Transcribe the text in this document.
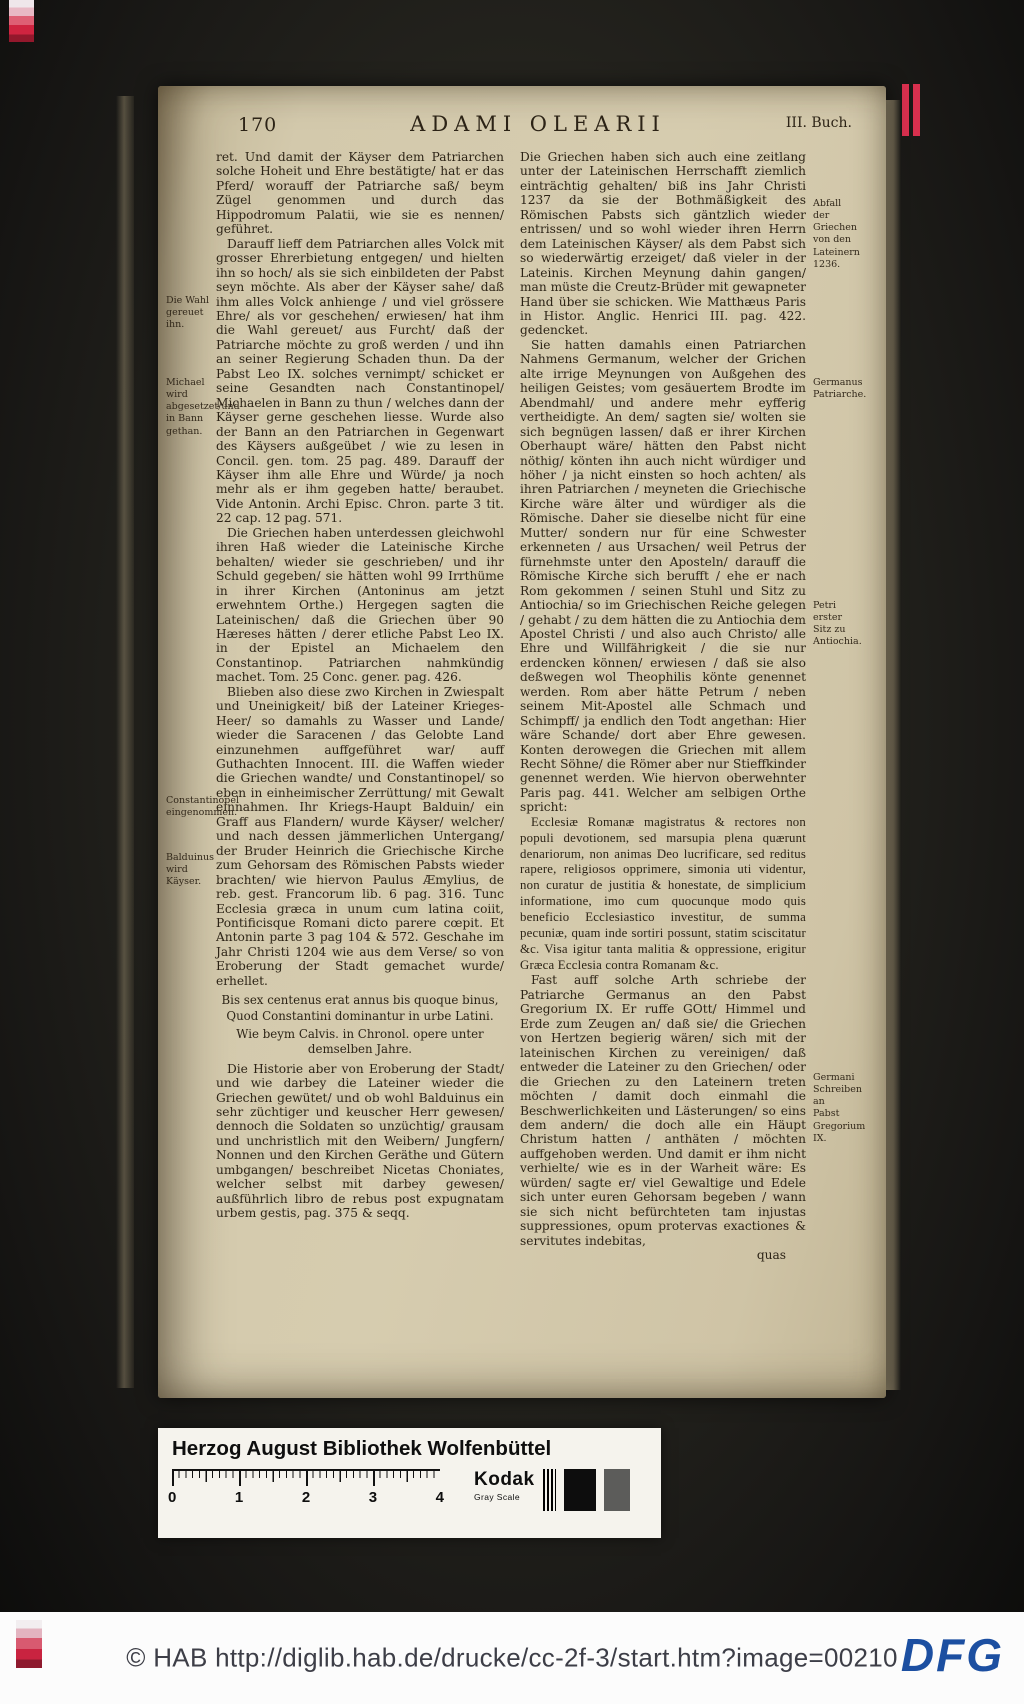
170	ADAMI OLEARII	III. Buch.
Die Wahl gereuet ihn.
Michael wird abgesetzet/und in Bann gethan.
Constantinopel eingenommen.
Balduinus wird Käyser.

ret. Und damit der Käyser dem Patriarchen solche Hoheit und Ehre bestätigte/ hat er das Pferd/ worauff der Patriarche saß/ beym Zügel genommen und durch das Hippodromum Palatii, wie sie es nennen/ geführet.

Darauff lieff dem Patriarchen alles Volck mit grosser Ehrerbietung entgegen/ und hielten ihn so hoch/ als sie sich einbildeten der Pabst seyn möchte. Als aber der Käyser sahe/ daß ihm alles Volck anhienge / und viel grössere Ehre/ als vor geschehen/ erwiesen/ hat ihm die Wahl gereuet/ aus Furcht/ daß der Patriarche möchte zu groß werden / und ihn an seiner Regierung Schaden thun. Da der Pabst Leo IX. solches vernimpt/ schicket er seine Gesandten nach Constantinopel/ Michaelen in Bann zu thun / welches dann der Käyser gerne geschehen liesse. Wurde also der Bann an den Patriarchen in Gegenwart des Käysers außgeübet / wie zu lesen in Concil. gen. tom. 25 pag. 489. Darauff der Käyser ihm alle Ehre und Würde/ ja noch mehr als er ihm gegeben hatte/ beraubet. Vide Antonin. Archi Episc. Chron. parte 3 tit. 22 cap. 12 pag. 571.

Die Griechen haben unterdessen gleichwohl ihren Haß wieder die Lateinische Kirche behalten/ wieder sie geschrieben/ und ihr Schuld gegeben/ sie hätten wohl 99 Irrthüme in ihrer Kirchen (Antoninus am jetzt erwehntem Orthe.) Hergegen sagten die Lateinischen/ daß die Griechen über 90 Hæreses hätten / derer etliche Pabst Leo IX. in der Epistel an Michaelem den Constantinop. Patriarchen nahmkündig machet. Tom. 25 Conc. gener. pag. 426.

Blieben also diese zwo Kirchen in Zwiespalt und Uneinigkeit/ biß der Lateiner Krieges-Heer/ so damahls zu Wasser und Lande/ wieder die Saracenen / das Gelobte Land einzunehmen auffgeführet war/ auff Guthachten Innocent. III. die Waffen wieder die Griechen wandte/ und Constantinopel/ so eben in einheimischer Zerrüttung/ mit Gewalt einnahmen. Ihr Kriegs-Haupt Balduin/ ein Graff aus Flandern/ wurde Käyser/ welcher/ und nach dessen jämmerlichen Untergang/ der Bruder Heinrich die Griechische Kirche zum Gehorsam des Römischen Pabsts wieder brachten/ wie hiervon Paulus Æmylius, de reb. gest. Francorum lib. 6 pag. 316. Tunc Ecclesia græca in unum cum latina coiit, Pontificisque Romani dicto parere cœpit. Et Antonin parte 3 pag 104 & 572. Geschahe im Jahr Christi 1204 wie aus dem Verse/ so von Eroberung der Stadt gemachet wurde/ erhellet.

Bis sex centenus erat annus bis quoque binus,
Quod Constantini dominantur in urbe Latini.
Wie beym Calvis. in Chronol. opere unter demselben Jahre.

Die Historie aber von Eroberung der Stadt/ und wie darbey die Lateiner wieder die Griechen gewütet/ und ob wohl Balduinus ein sehr züchtiger und keuscher Herr gewesen/ dennoch die Soldaten so unzüchtig/ grausam und unchristlich mit den Weibern/ Jungfern/ Nonnen und den Kirchen Geräthe und Gütern umbgangen/ beschreibet Nicetas Choniates, welcher selbst mit darbey gewesen/ außführlich libro de rebus post expugnatam urbem gestis, pag. 375 & seqq.

Die Griechen haben sich auch eine zeitlang unter der Lateinischen Herrschafft ziemlich einträchtig gehalten/ biß ins Jahr Christi 1237 da sie der Bothmäßigkeit des Römischen Pabsts sich gäntzlich wieder entrissen/ und so wohl wieder ihren Herrn dem Lateinischen Käyser/ als dem Pabst sich so wiederwärtig erzeiget/ daß vieler in der Lateinis. Kirchen Meynung dahin gangen/ man müste die Creutz-Brüder mit gewapneter Hand über sie schicken. Wie Matthæus Paris in Histor. Anglic. Henrici III. pag. 422. gedencket.

Sie hatten damahls einen Patriarchen Nahmens Germanum, welcher der Grichen alte irrige Meynungen von Außgehen des heiligen Geistes; vom gesäuertem Brodte im Abendmahl/ und andere mehr eyfferig vertheidigte. An dem/ sagten sie/ wolten sie sich begnügen lassen/ daß er ihrer Kirchen Oberhaupt wäre/ hätten den Pabst nicht nöthig/ könten ihn auch nicht würdiger und höher / ja nicht einsten so hoch achten/ als ihren Patriarchen / meyneten die Griechische Kirche wäre älter und würdiger als die Römische. Daher sie dieselbe nicht für eine Mutter/ sondern nur für eine Schwester erkenneten / aus Ursachen/ weil Petrus der fürnehmste unter den Aposteln/ darauff die Römische Kirche sich berufft / ehe er nach Rom gekommen / seinen Stuhl und Sitz zu Antiochia/ so im Griechischen Reiche gelegen / gehabt / zu dem hätten die zu Antiochia dem Apostel Christi / und also auch Christo/ alle Ehre und Willfährigkeit / die sie nur erdencken können/ erwiesen / daß sie also deßwegen wol Theophilis könte genennet werden. Rom aber hätte Petrum / neben seinem Mit-Apostel alle Schmach und Schimpff/ ja endlich den Todt angethan: Hier wäre Schande/ dort aber Ehre gewesen. Konten derowegen die Griechen mit allem Recht Söhne/ die Römer aber nur Stieffkinder genennet werden. Wie hiervon oberwehnter Paris pag. 441. Welcher am selbigen Orthe spricht:

Ecclesiæ Romanæ magistratus & rectores non populi devotionem, sed marsupia plena quærunt denariorum, non animas Deo lucrificare, sed reditus rapere, religiosos opprimere, simonia uti videntur, non curatur de justitia & honestate, de simplicium informatione, imo cum quocunque modo quis beneficio Ecclesiastico investitur, de summa pecuniæ, quam inde sortiri possunt, statim sciscitatur &c. Visa igitur tanta malitia & oppressione, erigitur Græca Ecclesia contra Romanam &c.

Fast auff solche Arth schriebe der Patriarche Germanus an den Pabst Gregorium IX. Er ruffe GOtt/ Himmel und Erde zum Zeugen an/ daß sie/ die Griechen von Hertzen begierig wären/ sich mit der lateinischen Kirchen zu vereinigen/ daß entweder die Lateiner zu den Griechen/ oder die Griechen zu den Lateinern treten möchten / damit doch einmahl die Beschwerlichkeiten und Lästerungen/ so eins dem andern/ die doch alle ein Häupt Christum hatten / anthäten / möchten auffgehoben werden. Und damit er ihm nicht verhielte/ wie es in der Warheit wäre: Es würden/ sagte er/ viel Gewaltige und Edele sich unter euren Gehorsam begeben / wann sie sich nicht befürchteten tam injustas suppressiones, opum protervas exactiones & servitutes indebitas,

quas
Abfall der Griechen von den Lateinern 1236.
Germanus Patriarche.
Petri erster Sitz zu Antiochia.
Germani Schreiben an Pabst Gregorium IX.
Herzog August Bibliothek Wolfenbüttel
0	1	2	3	4
Kodak
Gray Scale
© HAB http://diglib.hab.de/drucke/cc-2f-3/start.htm?image=00210 DFG
